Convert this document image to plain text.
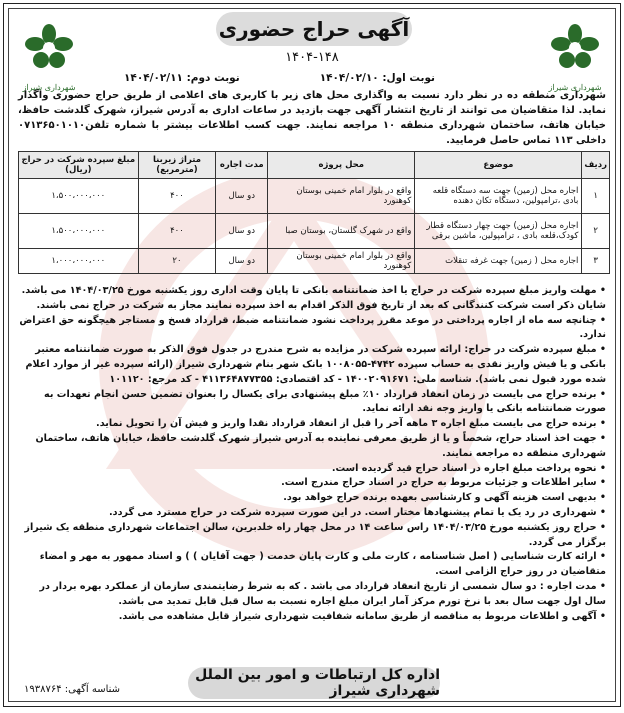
شهرداری شیراز	شهرداری شیراز
آگهی حراج حضوری
۱۴۰۴-۱۴۸
نوبت اول: ۱۴۰۴/۰۲/۱۰
نوبت دوم: ۱۴۰۴/۰۲/۱۱
شهرداری منطقه ده در نظر دارد نسبت به واگذاری محل های زیر با کاربری های اعلامی از طریق حراج حضوری واگذار نماید. لذا متقاضیان می توانند از تاریخ انتشار آگهی جهت بازدید در ساعات اداری به آدرس شیراز، شهرک گلدشت حافظ، خیابان هاتف، ساختمان شهرداری منطقه ۱۰ مراجعه نمایند. جهت کسب اطلاعات بیشتر با شماره تلفن۰۷۱۳۶۵۰۱۰۱۰ داخلی ۱۱۳ تماس حاصل فرمایید.
ردیف	موضوع	محل پروژه	مدت اجاره	متراژ زیربنا (مترمربع)	مبلغ سپرده شرکت در حراج (ریال)
۱	اجاره محل (زمین) جهت سه دستگاه قلعه بادی ،ترامپولین، دستگاه تکان دهنده	واقع در بلوار امام خمینی بوستان کوهنورد	دو سال	۴۰۰	۱،۵۰۰،۰۰۰،۰۰۰
۲	اجاره محل (زمین) جهت چهار دستگاه قطار کودک،قلعه بادی ، ترامپولین، ماشین برقی	واقع در شهرک گلستان، بوستان صبا	دو سال	۴۰۰	۱،۵۰۰،۰۰۰،۰۰۰
۳	اجاره محل ( زمین) جهت غرفه تنقلات	واقع در بلوار امام خمینی بوستان کوهنورد	دو سال	۲۰	۱،۰۰۰،۰۰۰،۰۰۰

• مهلت واریز مبلغ سپرده شرکت در حراج یا اخذ ضمانتنامه بانکی تا پایان وقت اداری روز یکشنبه مورخ ۱۴۰۴/۰۳/۲۵ می باشد. شایان ذکر است شرکت کنندگانی که بعد از تاریخ فوق الذکر اقدام به اخذ سپرده نمایند مجاز به شرکت در حراج نمی باشند.

• چنانچه سه ماه از اجاره پرداختی در موعد مقرر پرداخت نشود ضمانتنامه ضبط، قرارداد فسخ و مستاجر هیچگونه حق اعتراض ندارد.

• مبلغ سپرده شرکت در حراج: ارائه سپرده شرکت در مزایده به شرح مندرج در جدول فوق الذکر به صورت ضمانتنامه معتبر بانکی و یا فیش واریز نقدی به حساب سپرده ۴۷۴۲-۱۰۰۸۰۵۵ بانک شهر بنام شهرداری شیراز (ارائه سپرده غیر از موارد اعلام شده مورد قبول نمی باشد). شناسه ملی: ۱۴۰۰۲۰۹۱۶۷۱ - کد اقتصادی: ۴۱۱۳۶۴۸۷۷۳۵۵ - کد مرجع: ۱۰۱۱۲۰

• برنده حراج می بایست در زمان انعقاد قرارداد ۱۰٪ مبلغ پیشنهادی برای یکسال را بعنوان تضمین حسن انجام تعهدات به صورت ضمانتنامه بانکی یا واریز وجه نقد ارائه نماید.

• برنده حراج می بایست مبلغ اجاره ۳ ماهه آخر را قبل از انعقاد قرارداد نقدا واریز و فیش آن را تحویل نماید.

• جهت اخذ اسناد حراج، شخصاً و یا از طریق معرفی نماینده به آدرس شیراز شهرک گلدشت حافظ، خیابان هاتف، ساختمان شهرداری منطقه ده مراجعه نمایند.

• نحوه پرداخت مبلغ اجاره در اسناد حراج قید گردیده است.

• سایر اطلاعات و جزئیات مربوط به حراج در اسناد حراج مندرج است.

• بدیهی است هزینه آگهی و کارشناسی بعهده برنده حراج خواهد بود.

• شهرداری در رد یک یا تمام پیشنهادها مختار است. در این صورت سپرده شرکت در حراج مسترد می گردد.

• حراج روز یکشنبه مورخ ۱۴۰۴/۰۳/۲۵ راس ساعت ۱۴ در محل چهار راه خلدبرین، سالن اجتماعات شهرداری منطقه یک شیراز برگزار می گردد.

• ارائه کارت شناسایی ( اصل شناسنامه ، کارت ملی و کارت پایان خدمت ( جهت آقایان ) ) و اسناد ممهور به مهر و امضاء متقاضیان در روز حراج الزامی است.

• مدت اجاره : دو سال شمسی از تاریخ انعقاد قرارداد می باشد . که به شرط رضایتمندی سازمان از عملکرد بهره بردار در سال اول جهت سال بعد با نرخ تورم مرکز آمار ایران مبلغ اجاره نسبت به سال قبل قابل تمدید می باشد.

• آگهی و اطلاعات مربوط به مناقصه از طریق سامانه شفافیت شهرداری شیراز قابل مشاهده می باشد.

اداره کل ارتباطات و امور بین الملل شهرداری شیراز
شناسه آگهی: ۱۹۳۸۷۶۴
